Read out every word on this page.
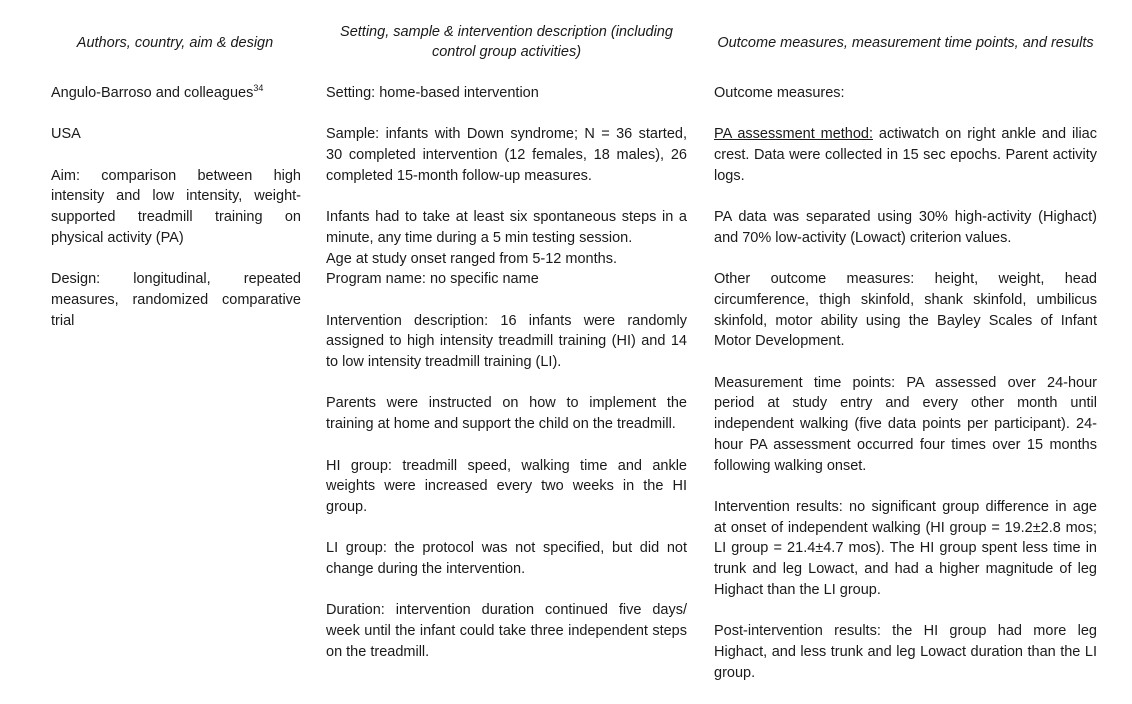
Authors, country, aim & design
Setting, sample & intervention description (including control group activities)
Outcome measures, measurement time points, and results

Angulo-Barroso and colleagues$^{34}$

USA

Aim: comparison between high intensity and low intensity, weight-supported treadmill training on physical activity (PA)

Design: longitudinal, repeated measures, randomized comparative trial

Setting: home-based intervention

Sample: infants with Down syndrome; N = 36 started, 30 completed intervention (12 females, 18 males), 26 completed 15-month follow-up measures.

Infants had to take at least six spontaneous steps in a minute, any time during a 5 min testing session.

Age at study onset ranged from 5-12 months.

Program name: no specific name

Intervention description: 16 infants were randomly assigned to high intensity treadmill training (HI) and 14 to low intensity treadmill training (LI).

Parents were instructed on how to implement the training at home and support the child on the treadmill.

HI group: treadmill speed, walking time and ankle weights were increased every two weeks in the HI group.

LI group: the protocol was not specified, but did not change during the intervention.

Duration: intervention duration continued five days/ week until the infant could take three independent steps on the treadmill.

Outcome measures:

PA assessment method: actiwatch on right ankle and iliac crest. Data were collected in 15 sec epochs. Parent activity logs.

PA data was separated using 30% high-activity (Highact) and 70% low-activity (Lowact) criterion values.

Other outcome measures: height, weight, head circumference, thigh skinfold, shank skinfold, umbilicus skinfold, motor ability using the Bayley Scales of Infant Motor Development.

Measurement time points: PA assessed over 24-hour period at study entry and every other month until independent walking (five data points per participant). 24-hour PA assessment occurred four times over 15 months following walking onset.

Intervention results: no significant group difference in age at onset of independent walking (HI group = 19.2±2.8 mos; LI group = 21.4±4.7 mos). The HI group spent less time in trunk and leg Lowact, and had a higher magnitude of leg Highact than the LI group.

Post-intervention results: the HI group had more leg Highact, and less trunk and leg Lowact duration than the LI group.
